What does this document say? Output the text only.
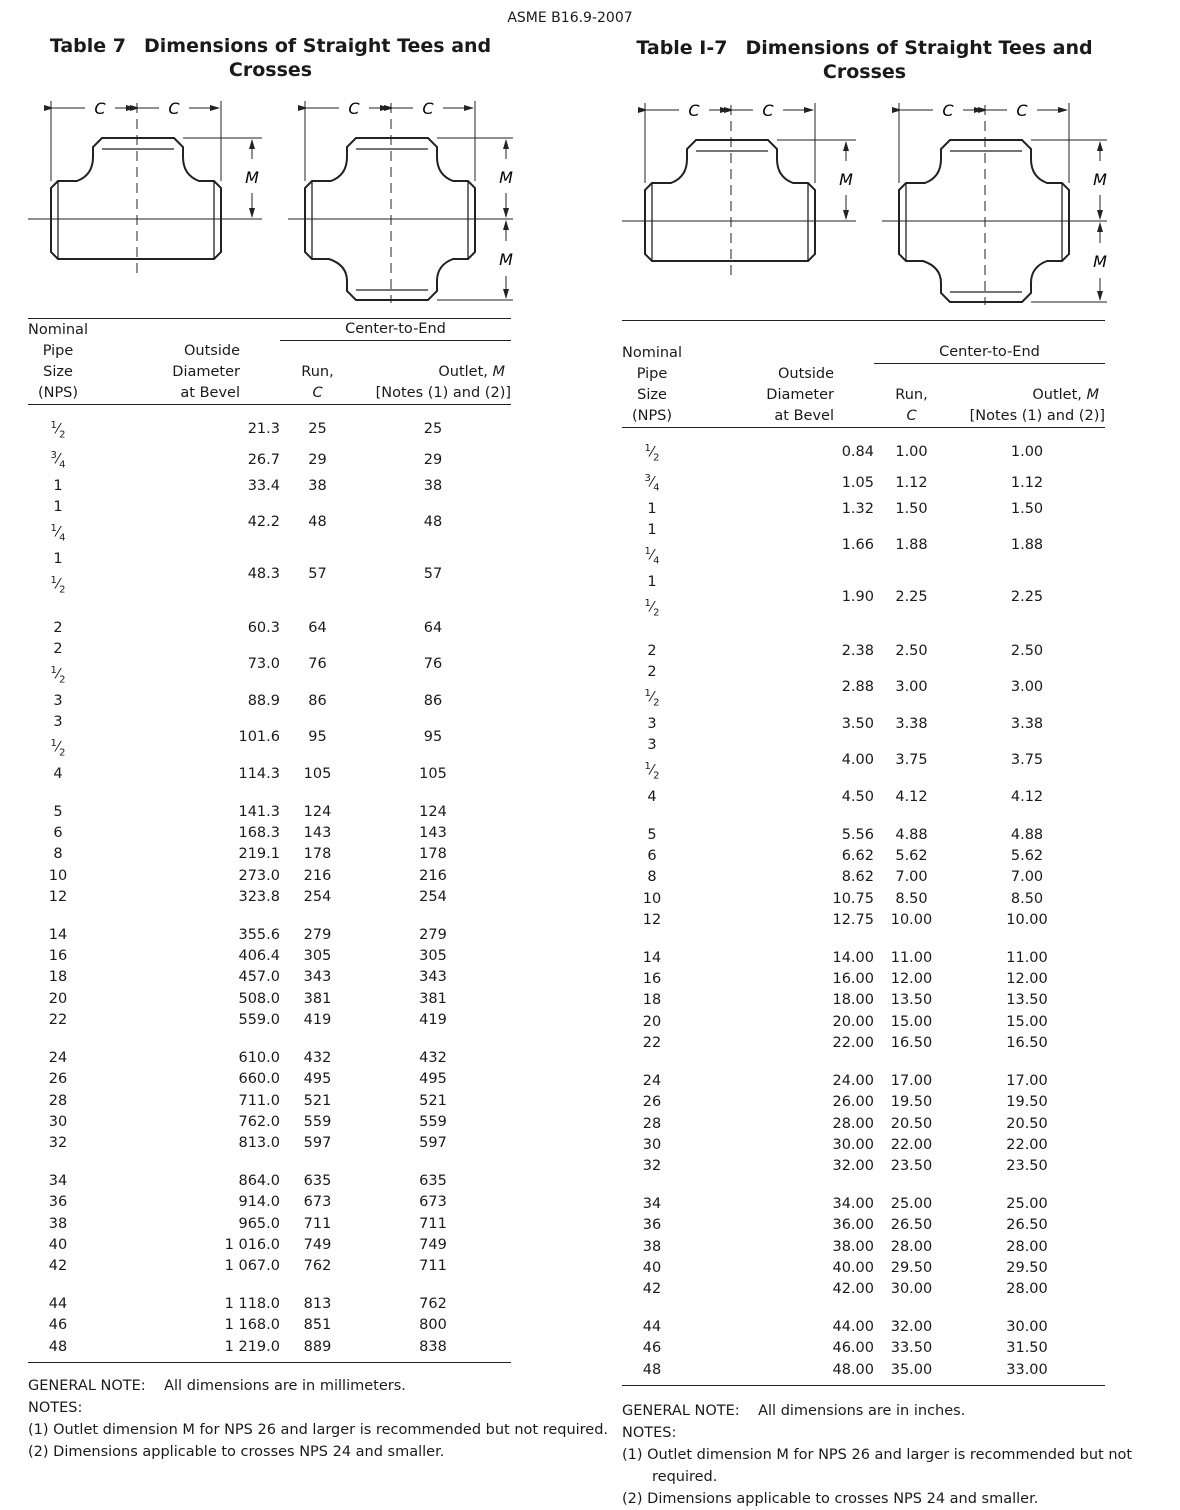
ASME B16.9-2007
Table 7 Dimensions of Straight Tees and
Crosses
C	C
M
C	C
M
M
Nominal		Center-to-End	
Pipe	Outside		
Size	Diameter	Run,	Outlet, M
(NPS)	at Bevel	C	[Notes (1) and (2)]

$^1⁄_2$	21.3	25	25
$^3⁄_4$	26.7	29	29
1	33.4	38	38
$1^1⁄_4$	42.2	48	48
$1^1⁄_2$	48.3	57	57

2	60.3	64	64
$2^1⁄_2$	73.0	76	76
3	88.9	86	86
$3^1⁄_2$	101.6	95	95
4	114.3	105	105

5	141.3	124	124
6	168.3	143	143
8	219.1	178	178
10	273.0	216	216
12	323.8	254	254

14	355.6	279	279
16	406.4	305	305
18	457.0	343	343
20	508.0	381	381
22	559.0	419	419

24	610.0	432	432
26	660.0	495	495
28	711.0	521	521
30	762.0	559	559
32	813.0	597	597

34	864.0	635	635
36	914.0	673	673
38	965.0	711	711
40	1 016.0	749	749
42	1 067.0	762	711

44	1 118.0	813	762
46	1 168.0	851	800
48	1 219.0	889	838

GENERAL NOTE: All dimensions are in millimeters.
NOTES:
(1) Outlet dimension M for NPS 26 and larger is recommended but not required.
(2) Dimensions applicable to crosses NPS 24 and smaller.
Nominal		Center-to-End	
Pipe	Outside		
Size	Diameter	Run,	Outlet, M
(NPS)	at Bevel	C	[Notes (1) and (2)]

$^1⁄_2$	0.84	1.00	1.00
$^3⁄_4$	1.05	1.12	1.12
1	1.32	1.50	1.50
$1^1⁄_4$	1.66	1.88	1.88
$1^1⁄_2$	1.90	2.25	2.25

2	2.38	2.50	2.50
$2^1⁄_2$	2.88	3.00	3.00
3	3.50	3.38	3.38
$3^1⁄_2$	4.00	3.75	3.75
4	4.50	4.12	4.12

5	5.56	4.88	4.88
6	6.62	5.62	5.62
8	8.62	7.00	7.00
10	10.75	8.50	8.50
12	12.75	10.00	10.00

14	14.00	11.00	11.00
16	16.00	12.00	12.00
18	18.00	13.50	13.50
20	20.00	15.00	15.00
22	22.00	16.50	16.50

24	24.00	17.00	17.00
26	26.00	19.50	19.50
28	28.00	20.50	20.50
30	30.00	22.00	22.00
32	32.00	23.50	23.50

34	34.00	25.00	25.00
36	36.00	26.50	26.50
38	38.00	28.00	28.00
40	40.00	29.50	29.50
42	42.00	30.00	28.00

44	44.00	32.00	30.00
46	46.00	33.50	31.50
48	48.00	35.00	33.00

GENERAL NOTE: All dimensions are in inches.
NOTES:
(1) Outlet dimension M for NPS 26 and larger is recommended but not required.
(2) Dimensions applicable to crosses NPS 24 and smaller.
Table I-7 Dimensions of Straight Tees and
Crosses
C	C
M
C	C
M
M
